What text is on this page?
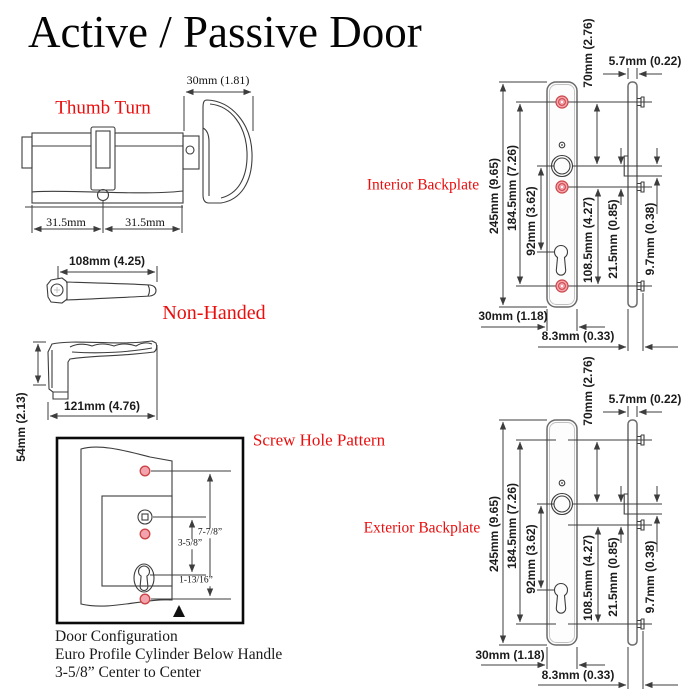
Active / Passive Door
Thumb Turn
30mm (1.81)
31.5mm	31.5mm
108mm (4.25)
Non-Handed
121mm (4.76)
54mm (2.13)	Screw Hole Pattern
7-7/8”
3-5/8”
1-13/16”
Door Configuration
Euro Profile Cylinder Below Handle
3-5/8” Center to Center
Interior Backplate 245mm (9.65) 184.5mm (7.26) 92mm (3.62)
70mm (2.76)
108.5mm (4.27) 21.5mm (0.85) 9.7mm (0.38)
5.7mm (0.22)
30mm (1.18)
8.3mm (0.33)
Exterior Backplate 245mm (9.65) 184.5mm (7.26) 92mm (3.62)
70mm (2.76)
108.5mm (4.27) 21.5mm (0.85) 9.7mm (0.38)
5.7mm (0.22)
30mm (1.18)
8.3mm (0.33)
